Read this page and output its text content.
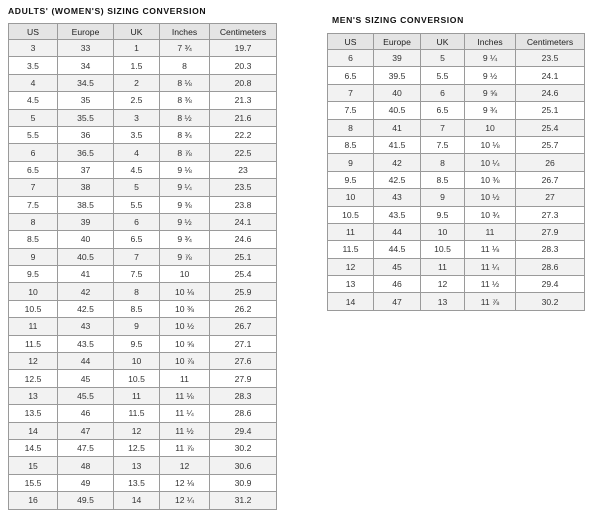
ADULTS' (WOMEN'S) SIZING CONVERSION
US	Europe	UK	Inches	Centimeters
3	33	1	7 ¾	19.7
3.5	34	1.5	8	20.3
4	34.5	2	8 ⅛	20.8
4.5	35	2.5	8 ⅜	21.3
5	35.5	3	8 ½	21.6
5.5	36	3.5	8 ¾	22.2
6	36.5	4	8 ⅞	22.5
6.5	37	4.5	9 ⅛	23
7	38	5	9 ¼	23.5
7.5	38.5	5.5	9 ⅜	23.8
8	39	6	9 ½	24.1
8.5	40	6.5	9 ¾	24.6
9	40.5	7	9 ⅞	25.1
9.5	41	7.5	10	25.4
10	42	8	10 ⅛	25.9
10.5	42.5	8.5	10 ⅜	26.2
11	43	9	10 ½	26.7
11.5	43.5	9.5	10 ⅝	27.1
12	44	10	10 ⅞	27.6
12.5	45	10.5	11	27.9
13	45.5	11	11 ⅛	28.3
13.5	46	11.5	11 ¼	28.6
14	47	12	11 ½	29.4
14.5	47.5	12.5	11 ⅞	30.2
15	48	13	12	30.6
15.5	49	13.5	12 ⅛	30.9
16	49.5	14	12 ¼	31.2
MEN'S SIZING CONVERSION
US	Europe	UK	Inches	Centimeters
6	39	5	9 ¼	23.5
6.5	39.5	5.5	9 ½	24.1
7	40	6	9 ⅝	24.6
7.5	40.5	6.5	9 ¾	25.1
8	41	7	10	25.4
8.5	41.5	7.5	10 ⅛	25.7
9	42	8	10 ¼	26
9.5	42.5	8.5	10 ⅜	26.7
10	43	9	10 ½	27
10.5	43.5	9.5	10 ¾	27.3
11	44	10	11	27.9
11.5	44.5	10.5	11 ⅛	28.3
12	45	11	11 ¼	28.6
13	46	12	11 ½	29.4
14	47	13	11 ⅞	30.2
